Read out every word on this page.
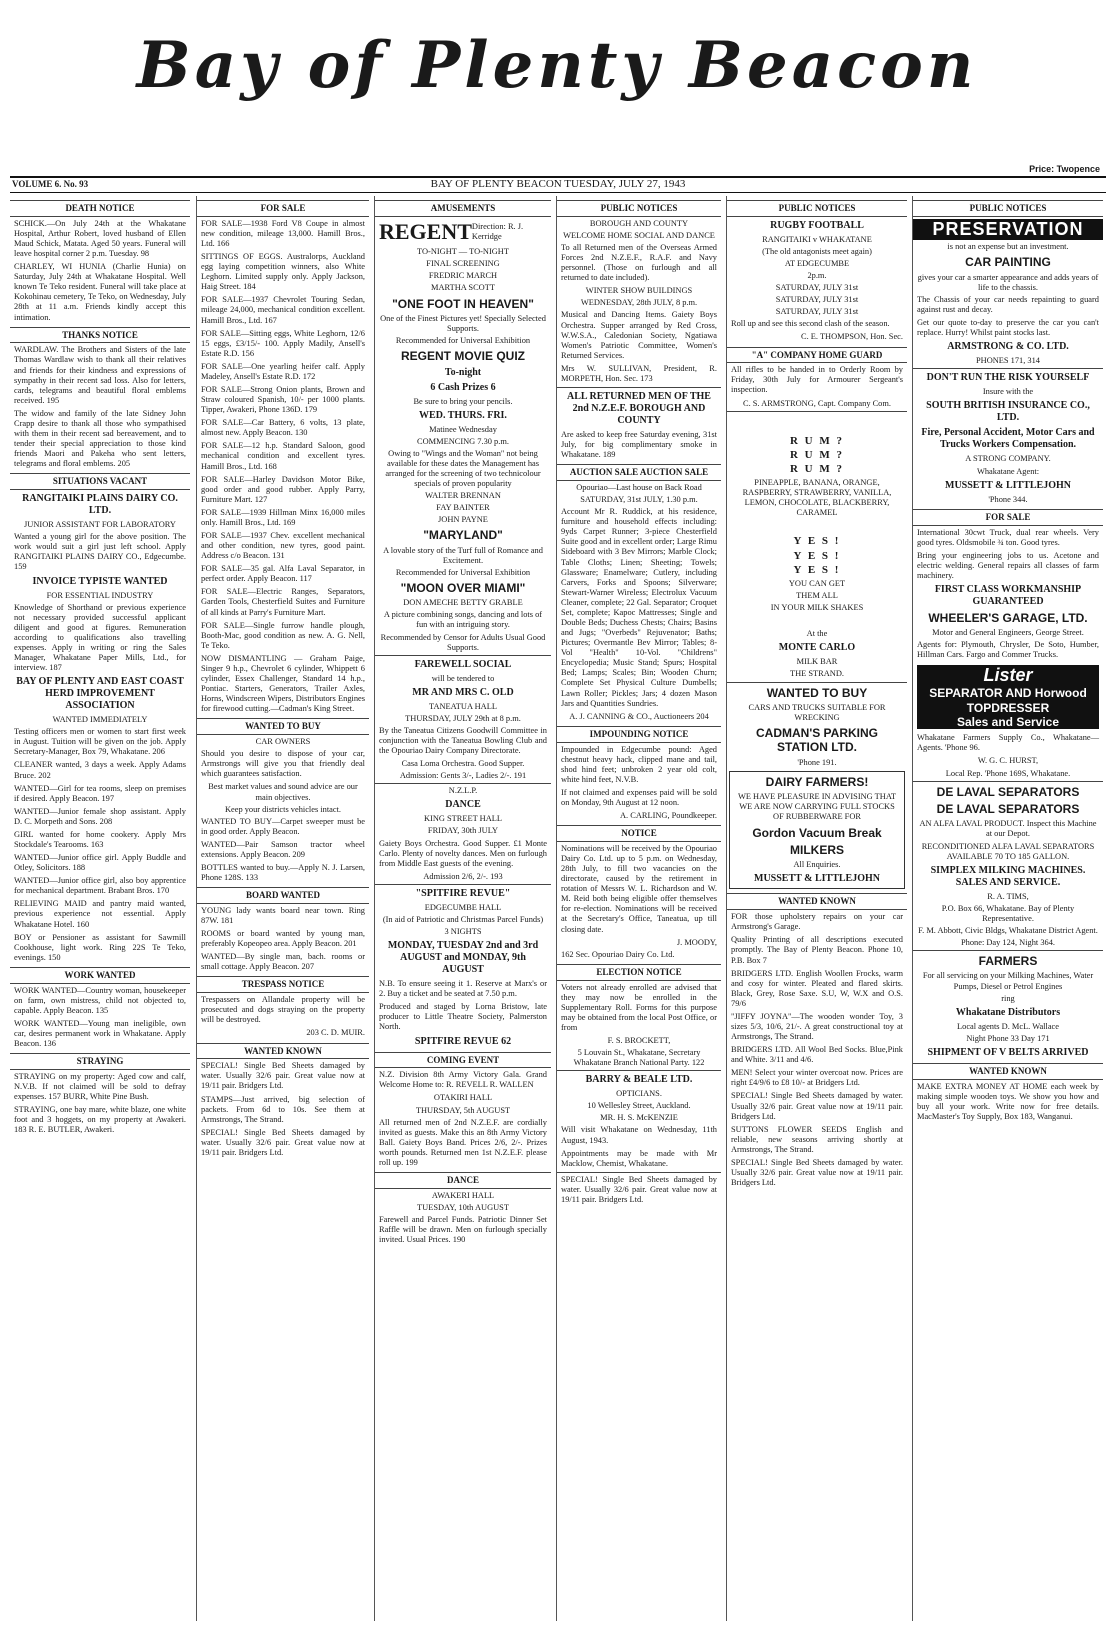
Bay of Plenty Beacon
Price: Twopence
VOLUME 6. No. 93	BAY OF PLENTY BEACON TUESDAY, JULY 27, 1943
DEATH NOTICE
SCHICK.—On July 24th at the Whakatane Hospital, Arthur Robert, loved husband of Ellen Maud Schick, Matata. Aged 50 years. Funeral will leave hospital corner 2 p.m. Tuesday. 98
CHARLEY, WI HUNIA (Charlie Hunia) on Saturday, July 24th at Whakatane Hospital. Well known Te Teko resident. Funeral will take place at Kokohinau cemetery, Te Teko, on Wednesday, July 28th at 11 a.m. Friends kindly accept this intimation.
THANKS NOTICE
WARDLAW. The Brothers and Sisters of the late Thomas Wardlaw wish to thank all their relatives and friends for their kindness and expressions of sympathy in their recent sad loss. Also for letters, cards, telegrams and beautiful floral emblems received. 195
The widow and family of the late Sidney John Crapp desire to thank all those who sympathised with them in their recent sad bereavement, and to tender their special appreciation to those kind friends Maori and Pakeha who sent letters, telegrams and floral emblems. 205
SITUATIONS VACANT
RANGITAIKI PLAINS DAIRY CO. LTD.
JUNIOR ASSISTANT FOR LABORATORY
Wanted a young girl for the above position. The work would suit a girl just left school. Apply RANGITAIKI PLAINS DAIRY CO., Edgecumbe. 159
INVOICE TYPISTE WANTED
FOR ESSENTIAL INDUSTRY
Knowledge of Shorthand or previous experience not necessary provided successful applicant diligent and good at figures. Remuneration according to qualifications also travelling expenses. Apply in writing or ring the Sales Manager, Whakatane Paper Mills, Ltd., for interview. 187
BAY OF PLENTY AND EAST COAST HERD IMPROVEMENT ASSOCIATION
WANTED IMMEDIATELY
Testing officers men or women to start first week in August. Tuition will be given on the job. Apply Secretary-Manager, Box 79, Whakatane. 206
CLEANER wanted, 3 days a week. Apply Adams Bruce. 202
WANTED—Girl for tea rooms, sleep on premises if desired. Apply Beacon. 197
WANTED—Junior female shop assistant. Apply D. C. Morpeth and Sons. 208
GIRL wanted for home cookery. Apply Mrs Stockdale's Tearooms. 163
WANTED—Junior office girl. Apply Buddle and Otley, Solicitors. 188
WANTED—Junior office girl, also boy apprentice for mechanical department. Brabant Bros. 170
RELIEVING MAID and pantry maid wanted, previous experience not essential. Apply Whakatane Hotel. 160
BOY or Pensioner as assistant for Sawmill Cookhouse, light work. Ring 22S Te Teko, evenings. 150
WORK WANTED
WORK WANTED—Country woman, housekeeper on farm, own mistress, child not objected to, capable. Apply Beacon. 135
WORK WANTED—Young man ineligible, own car, desires permanent work in Whakatane. Apply Beacon. 136
STRAYING
STRAYING on my property: Aged cow and calf, N.V.B. If not claimed will be sold to defray expenses. 157 BURR, White Pine Bush.
STRAYING, one bay mare, white blaze, one white foot and 3 hoggets, on my property at Awakeri. 183 R. E. BUTLER, Awakeri.
FOR SALE
FOR SALE—1938 Ford V8 Coupe in almost new condition, mileage 13,000. Hamill Bros., Ltd. 166
SITTINGS OF EGGS. Australorps, Auckland egg laying competition winners, also White Leghorn. Limited supply only. Apply Jackson, Haig Street. 184
FOR SALE—1937 Chevrolet Touring Sedan, mileage 24,000, mechanical condition excellent. Hamill Bros., Ltd. 167
FOR SALE—Sitting eggs, White Leghorn, 12/6 15 eggs, £3/15/- 100. Apply Madily, Ansell's Estate R.D. 156
FOR SALE—One yearling heifer calf. Apply Madeley, Ansell's Estate R.D. 172
FOR SALE—Strong Onion plants, Brown and Straw coloured Spanish, 10/- per 1000 plants. Tipper, Awakeri, Phone 136D. 179
FOR SALE—Car Battery, 6 volts, 13 plate, almost new. Apply Beacon. 130
FOR SALE—12 h.p. Standard Saloon, good mechanical condition and excellent tyres. Hamill Bros., Ltd. 168
FOR SALE—Harley Davidson Motor Bike, good order and good rubber. Apply Parry, Furniture Mart. 127
FOR SALE—1939 Hillman Minx 16,000 miles only. Hamill Bros., Ltd. 169
FOR SALE—1937 Chev. excellent mechanical and other condition, new tyres, good paint. Address c/o Beacon. 131
FOR SALE—35 gal. Alfa Laval Separator, in perfect order. Apply Beacon. 117
FOR SALE—Electric Ranges, Separators, Garden Tools, Chesterfield Suites and Furniture of all kinds at Parry's Furniture Mart.
FOR SALE—Single furrow handle plough, Booth-Mac, good condition as new. A. G. Nell, Te Teko.
NOW DISMANTLING — Graham Paige, Singer 9 h.p., Chevrolet 6 cylinder, Whippett 6 cylinder, Essex Challenger, Standard 14 h.p., Pontiac. Starters, Generators, Trailer Axles, Horns, Windscreen Wipers, Distributors Engines for firewood cutting.—Cadman's King Street.
WANTED TO BUY
CAR OWNERS
Should you desire to dispose of your car, Armstrongs will give you that friendly deal which guarantees satisfaction.
Best market values and sound advice are our main objectives.
Keep your districts vehicles intact.
WANTED TO BUY—Carpet sweeper must be in good order. Apply Beacon.
WANTED—Pair Samson tractor wheel extensions. Apply Beacon. 209
BOTTLES wanted to buy.—Apply N. J. Larsen, Phone 128S. 133
BOARD WANTED
YOUNG lady wants board near town. Ring 87W. 181
ROOMS or board wanted by young man, preferably Kopeopeo area. Apply Beacon. 201
WANTED—By single man, bach. rooms or small cottage. Apply Beacon. 207
TRESPASS NOTICE
Trespassers on Allandale property will be prosecuted and dogs straying on the property will be destroyed.
203 C. D. MUIR.
WANTED KNOWN
SPECIAL! Single Bed Sheets damaged by water. Usually 32/6 pair. Great value now at 19/11 pair. Bridgers Ltd.
STAMPS—Just arrived, big selection of packets. From 6d to 10s. See them at Armstrongs, The Strand.
SPECIAL! Single Bed Sheets damaged by water. Usually 32/6 pair. Great value now at 19/11 pair. Bridgers Ltd.
AMUSEMENTS
REGENT Direction: R. J. Kerridge
TO-NIGHT — TO-NIGHT
FINAL SCREENING
FREDRIC MARCH
MARTHA SCOTT
"ONE FOOT IN HEAVEN"
One of the Finest Pictures yet! Specially Selected Supports.
Recommended for Universal Exhibition
REGENT MOVIE QUIZ
To-night
6 Cash Prizes 6
Be sure to bring your pencils.
WED. THURS. FRI.
Matinee Wednesday
COMMENCING 7.30 p.m.
Owing to "Wings and the Woman" not being available for these dates the Management has arranged for the screening of two technicolour specials of proven popularity
WALTER BRENNAN
FAY BAINTER
JOHN PAYNE
"MARYLAND"
A lovable story of the Turf full of Romance and Excitement.
Recommended for Universal Exhibition
"MOON OVER MIAMI"
DON AMECHE BETTY GRABLE
A picture combining songs, dancing and lots of fun with an intriguing story.
Recommended by Censor for Adults Usual Good Supports.
FAREWELL SOCIAL
will be tendered to
MR AND MRS C. OLD
TANEATUA HALL
THURSDAY, JULY 29th at 8 p.m.
By the Taneatua Citizens Goodwill Committee in conjunction with the Taneatua Bowling Club and the Opouriao Dairy Company Directorate.
Casa Loma Orchestra. Good Supper.
Admission: Gents 3/-, Ladies 2/-. 191
N.Z.L.P.
DANCE
KING STREET HALL
FRIDAY, 30th JULY
Gaiety Boys Orchestra. Good Supper. £1 Monte Carlo. Plenty of novelty dances. Men on furlough from Middle East guests of the evening.
Admission 2/6, 2/-. 193
"SPITFIRE REVUE"
EDGECUMBE HALL
(In aid of Patriotic and Christmas Parcel Funds)
3 NIGHTS
MONDAY, TUESDAY 2nd and 3rd AUGUST and MONDAY, 9th AUGUST
N.B. To ensure seeing it 1. Reserve at Marx's or 2. Buy a ticket and be seated at 7.50 p.m.
Produced and staged by Lorna Bristow, late producer to Little Theatre Society, Palmerston North.
SPITFIRE REVUE 62
COMING EVENT
N.Z. Division 8th Army Victory Gala. Grand Welcome Home to: R. REVELL R. WALLEN
OTAKIRI HALL
THURSDAY, 5th AUGUST
All returned men of 2nd N.Z.E.F. are cordially invited as guests. Make this an 8th Army Victory Ball. Gaiety Boys Band. Prices 2/6, 2/-. Prizes worth pounds. Returned men 1st N.Z.E.F. please roll up. 199
DANCE
AWAKERI HALL
TUESDAY, 10th AUGUST
Farewell and Parcel Funds. Patriotic Dinner Set Raffle will be drawn. Men on furlough specially invited. Usual Prices. 190
PUBLIC NOTICES
BOROUGH AND COUNTY
WELCOME HOME SOCIAL AND DANCE
To all Returned men of the Overseas Armed Forces 2nd N.Z.E.F., R.A.F. and Navy personnel. (Those on furlough and all returned to date included).
WINTER SHOW BUILDINGS
WEDNESDAY, 28th JULY, 8 p.m.
Musical and Dancing Items. Gaiety Boys Orchestra. Supper arranged by Red Cross, W.W.S.A., Caledonian Society, Ngatiawa Women's Patriotic Committee, Women's Returned Services.
Mrs W. SULLIVAN, President, R. MORPETH, Hon. Sec. 173
ALL RETURNED MEN OF THE 2nd N.Z.E.F. BOROUGH AND COUNTY
Are asked to keep free Saturday evening, 31st July, for big complimentary smoke in Whakatane. 189
AUCTION SALE AUCTION SALE
Opouriao—Last house on Back Road
SATURDAY, 31st JULY, 1.30 p.m.
Account Mr R. Ruddick, at his residence, furniture and household effects including: 9yds Carpet Runner; 3-piece Chesterfield Suite good and in excellent order; Large Rimu Sideboard with 3 Bev Mirrors; Marble Clock; Table Cloths; Linen; Sheeting; Towels; Glassware; Enamelware; Cutlery, including Carvers, Forks and Spoons; Silverware; Stewart-Warner Wireless; Electrolux Vacuum Cleaner, complete; 22 Gal. Separator; Croquet Set, complete; Kapoc Mattresses; Single and Double Beds; Duchess Chests; Chairs; Basins and Jugs; "Overbeds" Rejuvenator; Baths; Pictures; Overmantle Bev Mirror; Tables; 8-Vol "Health" 10-Vol. "Childrens" Encyclopedia; Music Stand; Spurs; Hospital Bed; Lamps; Scales; Bin; Wooden Churn; Complete Set Physical Culture Dumbells; Lawn Roller; Pickles; Jars; 4 dozen Mason Jars and Quantities Sundries.
A. J. CANNING & CO., Auctioneers 204
IMPOUNDING NOTICE
Impounded in Edgecumbe pound: Aged chestnut heavy hack, clipped mane and tail, shod hind feet; unbroken 2 year old colt, white hind feet, N.V.B.
If not claimed and expenses paid will be sold on Monday, 9th August at 12 noon.
A. CARLING, Poundkeeper.
NOTICE
Nominations will be received by the Opouriao Dairy Co. Ltd. up to 5 p.m. on Wednesday, 28th July, to fill two vacancies on the directorate, caused by the retirement in rotation of Messrs W. L. Richardson and W. M. Reid both being eligible offer themselves for re-election. Nominations will be received at the Secretary's Office, Taneatua, up till closing date.
J. MOODY,
162 Sec. Opouriao Dairy Co. Ltd.
ELECTION NOTICE
Voters not already enrolled are advised that they may now be enrolled in the Supplementary Roll. Forms for this purpose may be obtained from the local Post Office, or from
F. S. BROCKETT,
5 Louvain St., Whakatane, Secretary Whakatane Branch National Party. 122
BARRY & BEALE LTD.
OPTICIANS.
10 Wellesley Street, Auckland.
MR. H. S. McKENZIE
Will visit Whakatane on Wednesday, 11th August, 1943.
Appointments may be made with Mr Macklow, Chemist, Whakatane.
SPECIAL! Single Bed Sheets damaged by water. Usually 32/6 pair. Great value now at 19/11 pair. Bridgers Ltd.
PUBLIC NOTICES
RUGBY FOOTBALL
RANGITAIKI v WHAKATANE
(The old antagonists meet again)
AT EDGECUMBE
2p.m.
SATURDAY, JULY 31st
SATURDAY, JULY 31st
SATURDAY, JULY 31st
Roll up and see this second clash of the season.
C. E. THOMPSON, Hon. Sec.
"A" COMPANY HOME GUARD
All rifles to be handed in to Orderly Room by Friday, 30th July for Armourer Sergeant's inspection.
C. S. ARMSTRONG, Capt. Company Com.
R U M ?
R U M ?
R U M ?
PINEAPPLE, BANANA, ORANGE, RASPBERRY, STRAWBERRY, VANILLA, LEMON, CHOCOLATE, BLACKBERRY, CARAMEL
Y E S !
Y E S !
Y E S !
YOU CAN GET
THEM ALL
IN YOUR MILK SHAKES
At the
MONTE CARLO
MILK BAR
THE STRAND.
WANTED TO BUY
CARS AND TRUCKS SUITABLE FOR WRECKING
CADMAN'S PARKING STATION LTD.
'Phone 191.
DAIRY FARMERS!
WE HAVE PLEASURE IN ADVISING THAT WE ARE NOW CARRYING FULL STOCKS OF RUBBERWARE FOR
Gordon Vacuum Break
MILKERS
All Enquiries.
MUSSETT & LITTLEJOHN
WANTED KNOWN
FOR those upholstery repairs on your car Armstrong's Garage.
Quality Printing of all descriptions executed promptly. The Bay of Plenty Beacon. Phone 10, P.B. Box 7
BRIDGERS LTD. English Woollen Frocks, warm and cosy for winter. Pleated and flared skirts. Black, Grey, Rose Saxe. S.U, W, W.X and O.S. 79/6
"JIFFY JOYNA"—The wooden wonder Toy, 3 sizes 5/3, 10/6, 21/-. A great constructional toy at Armstrongs, The Strand.
BRIDGERS LTD. All Wool Bed Socks. Blue,Pink and White. 3/11 and 4/6.
MEN! Select your winter overcoat now. Prices are right £4/9/6 to £8 10/- at Bridgers Ltd.
SPECIAL! Single Bed Sheets damaged by water. Usually 32/6 pair. Great value now at 19/11 pair. Bridgers Ltd.
SUTTONS FLOWER SEEDS English and reliable, new seasons arriving shortly at Armstrongs, The Strand.
SPECIAL! Single Bed Sheets damaged by water. Usually 32/6 pair. Great value now at 19/11 pair. Bridgers Ltd.
PUBLIC NOTICES
PRESERVATION
is not an expense but an investment.
CAR PAINTING
gives your car a smarter appearance and adds years of life to the chassis.
The Chassis of your car needs repainting to guard against rust and decay.
Get our quote to-day to preserve the car you can't replace. Hurry! Whilst paint stocks last.
ARMSTRONG & CO. LTD.
PHONES 171, 314
DON'T RUN THE RISK YOURSELF
Insure with the
SOUTH BRITISH INSURANCE CO., LTD.
Fire, Personal Accident, Motor Cars and Trucks Workers Compensation.
A STRONG COMPANY.
Whakatane Agent:
MUSSETT & LITTLEJOHN
'Phone 344.
FOR SALE
International 30cwt Truck, dual rear wheels. Very good tyres. Oldsmobile ¾ ton. Good tyres.
Bring your engineering jobs to us. Acetone and electric welding. General repairs all classes of farm machinery.
FIRST CLASS WORKMANSHIP GUARANTEED
WHEELER'S GARAGE, LTD.
Motor and General Engineers, George Street.
Agents for: Plymouth, Chrysler, De Soto, Humber, Hillman Cars. Fargo and Commer Trucks.
Lister
SEPARATOR AND Horwood TOPDRESSER
Sales and Service
Whakatane Farmers Supply Co., Whakatane—Agents. 'Phone 96.
W. G. C. HURST,
Local Rep. 'Phone 169S, Whakatane.
DE LAVAL SEPARATORS
DE LAVAL SEPARATORS
AN ALFA LAVAL PRODUCT. Inspect this Machine at our Depot.
RECONDITIONED ALFA LAVAL SEPARATORS AVAILABLE 70 TO 185 GALLON.
SIMPLEX MILKING MACHINES. SALES AND SERVICE.
R. A. TIMS,
P.O. Box 66, Whakatane. Bay of Plenty Representative.
F. M. Abbott, Civic Bldgs, Whakatane District Agent.
Phone: Day 124, Night 364.
FARMERS
For all servicing on your Milking Machines, Water Pumps, Diesel or Petrol Engines
ring
Whakatane Distributors
Local agents D. McL. Wallace
Night Phone 33 Day 171
SHIPMENT OF V BELTS ARRIVED
WANTED KNOWN
MAKE EXTRA MONEY AT HOME each week by making simple wooden toys. We show you how and buy all your work. Write now for free details. MacMaster's Toy Supply, Box 183, Wanganui.
